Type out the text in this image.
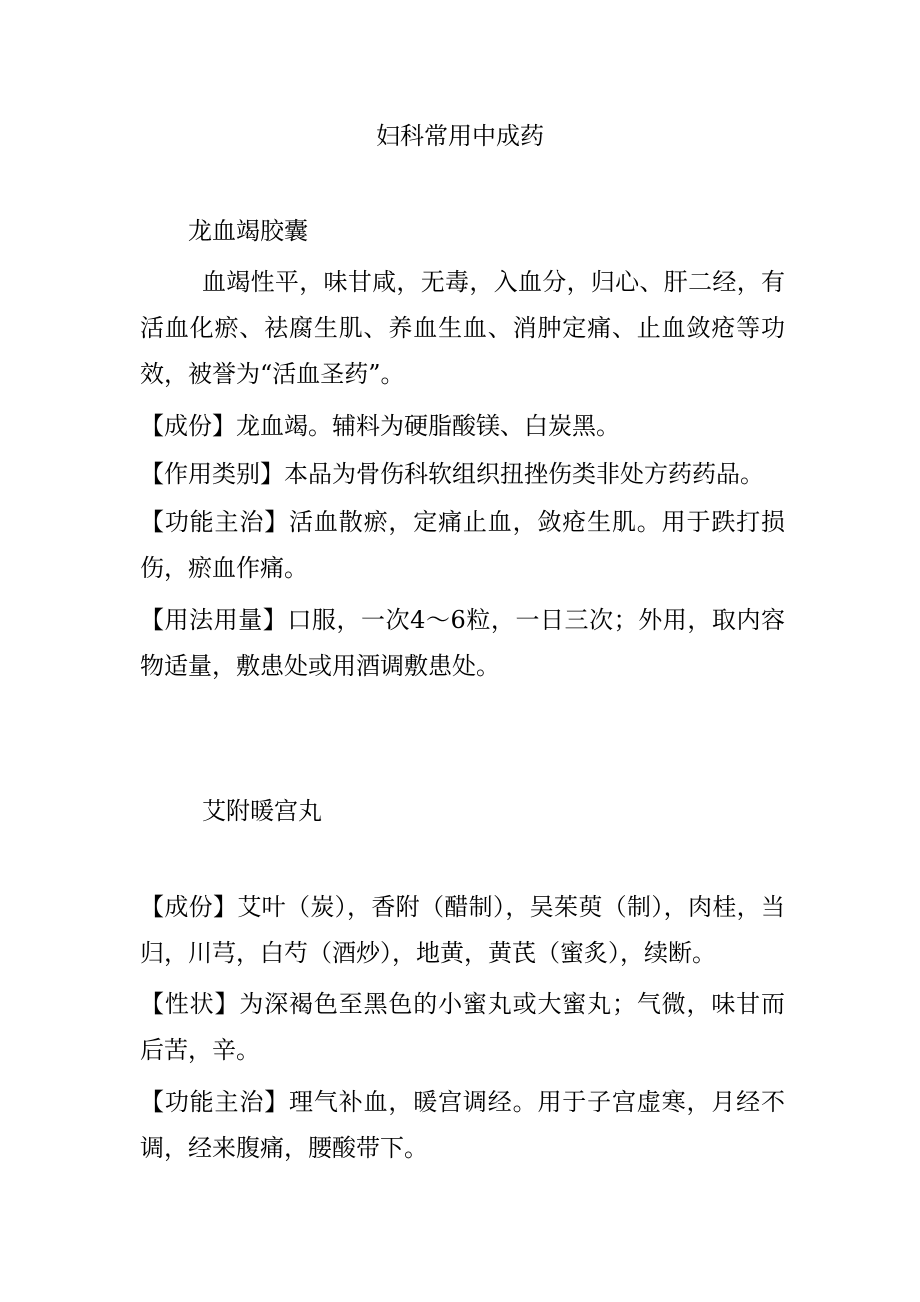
妇科常用中成药
龙血竭胶囊
血竭性平，味甘咸，无毒，入血分，归心、肝二经，有活血化瘀、祛腐生肌、养血生血、消肿定痛、止血敛疮等功效，被誉为“活血圣药”。
【成份】龙血竭。辅料为硬脂酸镁、白炭黑。
【作用类别】本品为骨伤科软组织扭挫伤类非处方药药品。
【功能主治】活血散瘀，定痛止血，敛疮生肌。用于跌打损伤，瘀血作痛。
【用法用量】口服，一次4～6粒，一日三次；外用，取内容物适量，敷患处或用酒调敷患处。
艾附暖宫丸
【成份】艾叶（炭），香附（醋制），吴茱萸（制），肉桂，当归，川芎，白芍（酒炒），地黄，黄芪（蜜炙），续断。
【性状】为深褐色至黑色的小蜜丸或大蜜丸；气微，味甘而后苦，辛。
【功能主治】理气补血，暖宫调经。用于子宫虚寒，月经不调，经来腹痛，腰酸带下。
